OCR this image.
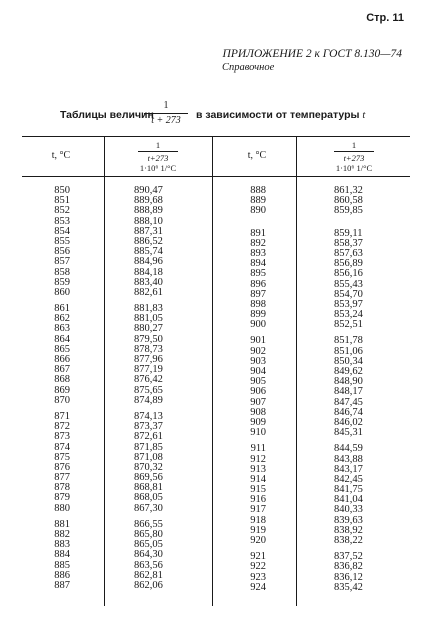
Стр. 11
ПРИЛОЖЕНИЕ 2 к ГОСТ 8.130—74
Справочное
Таблицы величин
1
t + 273	в зависимости от температуры t
t, °C
1
t+273
1·10⁶ 1/°C
t, °C
1
t+273
1·10⁶ 1/°C
850
851
852
853
854
855
856
857
858
859
860
861
862
863
864
865
866
867
868
869
870
871
872
873
874
875
876
877
878
879
880
881
882
883
884
885
886
887
890,47
889,68
888,89
888,10
887,31
886,52
885,74
884,96
884,18
883,40
882,61
881,83
881,05
880,27
879,50
878,73
877,96
877,19
876,42
875,65
874,89
874,13
873,37
872,61
871,85
871,08
870,32
869,56
868,81
868,05
867,30
866,55
865,80
865,05
864,30
863,56
862,81
862,06
888
889
890
891
892
893
894
895
896
897
898
899
900
901
902
903
904
905
906
907
908
909
910
911
912
913
914
915
916
917
918
919
920
921
922
923
924
861,32
860,58
859,85
859,11
858,37
857,63
856,89
856,16
855,43
854,70
853,97
853,24
852,51
851,78
851,06
850,34
849,62
848,90
848,17
847,45
846,74
846,02
845,31
844,59
843,88
843,17
842,45
841,75
841,04
840,33
839,63
838,92
838,22
837,52
836,82
836,12
835,42
